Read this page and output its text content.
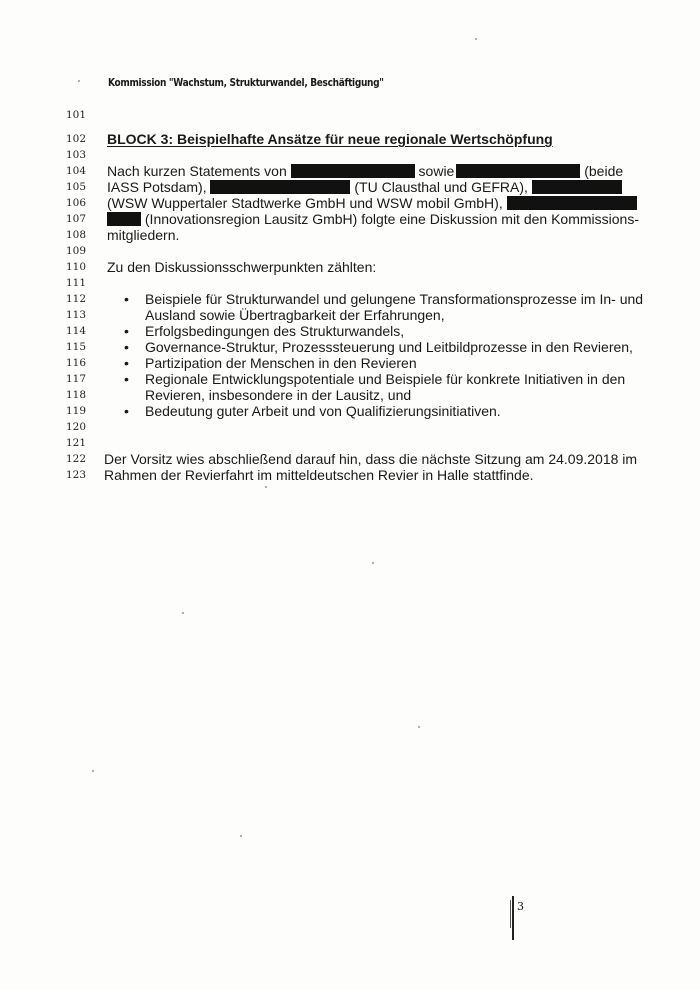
Kommission "Wachstum, Strukturwandel, Beschäftigung"
101
102 BLOCK 3: Beispielhafte Ansätze für neue regionale Wertschöpfung
103
104 Nach kurzen Statements von	sowie	(beide
105 IASS Potsdam),	(TU Clausthal und GEFRA),
106 (WSW Wuppertaler Stadtwerke GmbH und WSW mobil GmbH),
107	(Innovationsregion Lausitz GmbH) folgte eine Diskussion mit den Kommissions-
108 mitgliedern.
109
110 Zu den Diskussionsschwerpunkten zählten:
111
112	• Beispiele für Strukturwandel und gelungene Transformationsprozesse im In- und
113	Ausland sowie Übertragbarkeit der Erfahrungen,
114	• Erfolgsbedingungen des Strukturwandels,
115	• Governance-Struktur, Prozesssteuerung und Leitbildprozesse in den Revieren,
116	• Partizipation der Menschen in den Revieren
117	• Regionale Entwicklungspotentiale und Beispiele für konkrete Initiativen in den
118	Revieren, insbesondere in der Lausitz, und
119	• Bedeutung guter Arbeit und von Qualifizierungsinitiativen.
120
121
122 Der Vorsitz wies abschließend darauf hin, dass die nächste Sitzung am 24.09.2018 im
123 Rahmen der Revierfahrt im mitteldeutschen Revier in Halle stattfinde.
3
